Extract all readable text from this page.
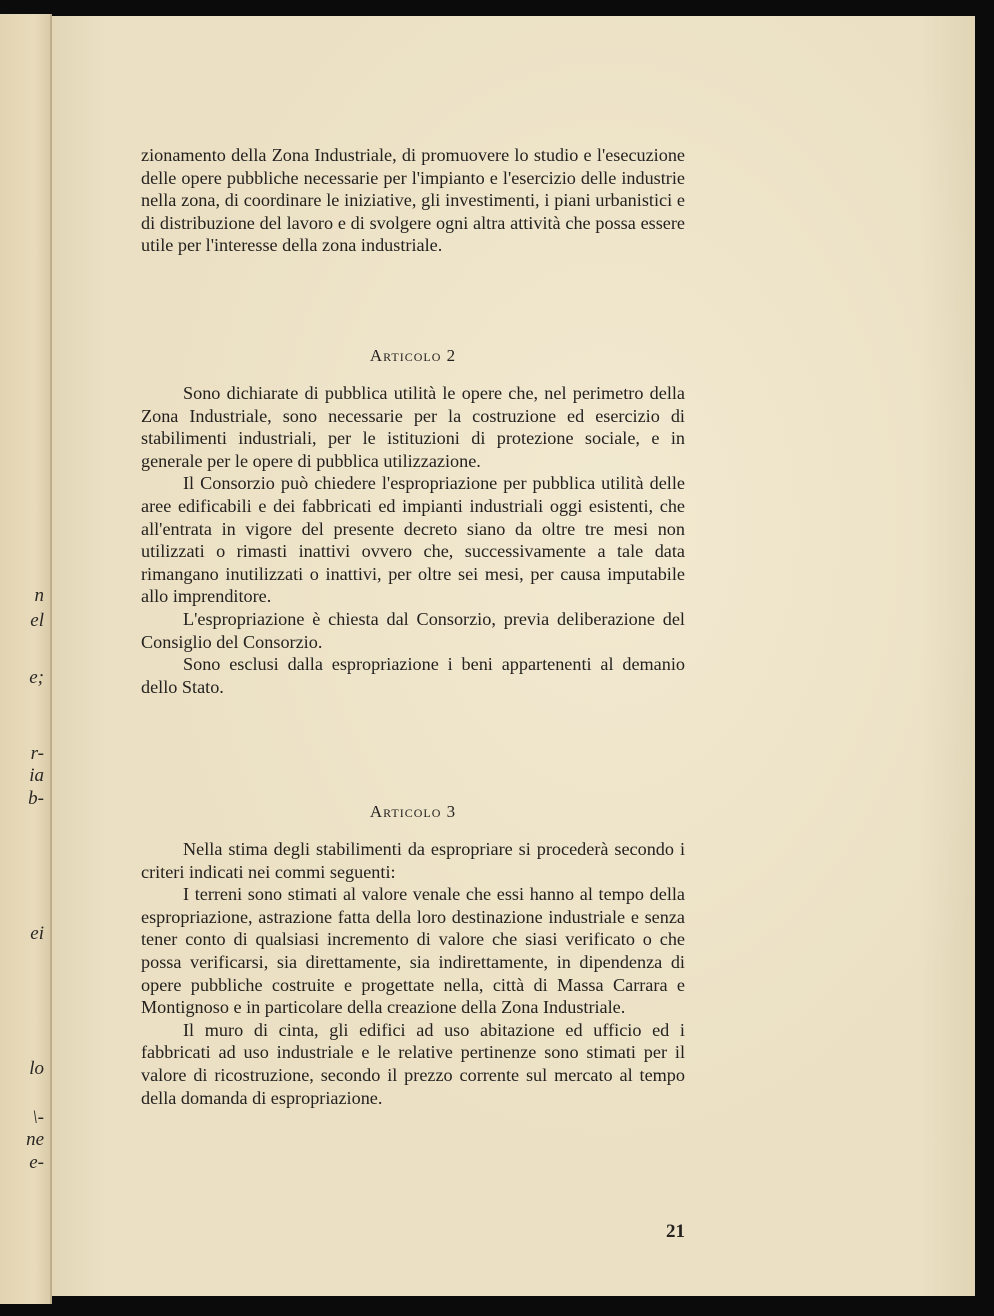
n
el
e;
r-
ia
b-
ei
lo
\-
ne
e-

zionamento della Zona Industriale, di promuovere lo studio e l'esecuzione delle opere pubbliche necessarie per l'impianto e l'esercizio delle industrie nella zona, di coordinare le iniziative, gli investimenti, i piani urbanistici e di distribuzione del lavoro e di svolgere ogni altra attività che possa essere utile per l'interesse della zona industriale.

Articolo 2

Sono dichiarate di pubblica utilità le opere che, nel perimetro della Zona Industriale, sono necessarie per la costruzione ed esercizio di stabilimenti industriali, per le istituzioni di protezione sociale, e in generale per le opere di pubblica utilizzazione.

Il Consorzio può chiedere l'espropriazione per pubblica utilità delle aree edificabili e dei fabbricati ed impianti industriali oggi esistenti, che all'entrata in vigore del presente decreto siano da oltre tre mesi non utilizzati o rimasti inattivi ovvero che, successivamente a tale data rimangano inutilizzati o inattivi, per oltre sei mesi, per causa imputabile allo imprenditore.

L'espropriazione è chiesta dal Consorzio, previa deliberazione del Consiglio del Consorzio.

Sono esclusi dalla espropriazione i beni appartenenti al demanio dello Stato.

Articolo 3

Nella stima degli stabilimenti da espropriare si procederà secondo i criteri indicati nei commi seguenti:

I terreni sono stimati al valore venale che essi hanno al tempo della espropriazione, astrazione fatta della loro destinazione industriale e senza tener conto di qualsiasi incremento di valore che siasi verificato o che possa verificarsi, sia direttamente, sia indirettamente, in dipendenza di opere pubbliche costruite e progettate nella, città di Massa Carrara e Montignoso e in particolare della creazione della Zona Industriale.

Il muro di cinta, gli edifici ad uso abitazione ed ufficio ed i fabbricati ad uso industriale e le relative pertinenze sono stimati per il valore di ricostruzione, secondo il prezzo corrente sul mercato al tempo della domanda di espropriazione.

21
